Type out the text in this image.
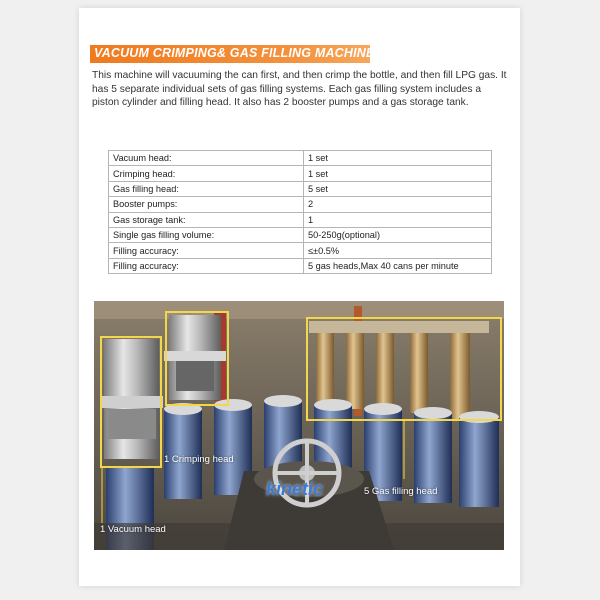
VACUUM CRIMPING& GAS FILLING MACHINE:
This machine will vacuuming the can first, and then crimp the bottle, and then fill LPG gas. It has 5 separate individual sets of gas filling systems. Each gas filling system includes a piston cylinder and filling head. It also has 2 booster pumps and a gas storage tank.
Vacuum head:	1 set
Crimping head:	1 set
Gas filling head:	5 set
Booster pumps:	2
Gas storage tank:	1
Single gas filling volume:	50-250g(optional)
Filling accuracy:	≤±0.5%
Filling accuracy:	5 gas heads,Max 40 cans per minute
1 Crimping head
1 Vacuum head
5 Gas filling head
kinetic
